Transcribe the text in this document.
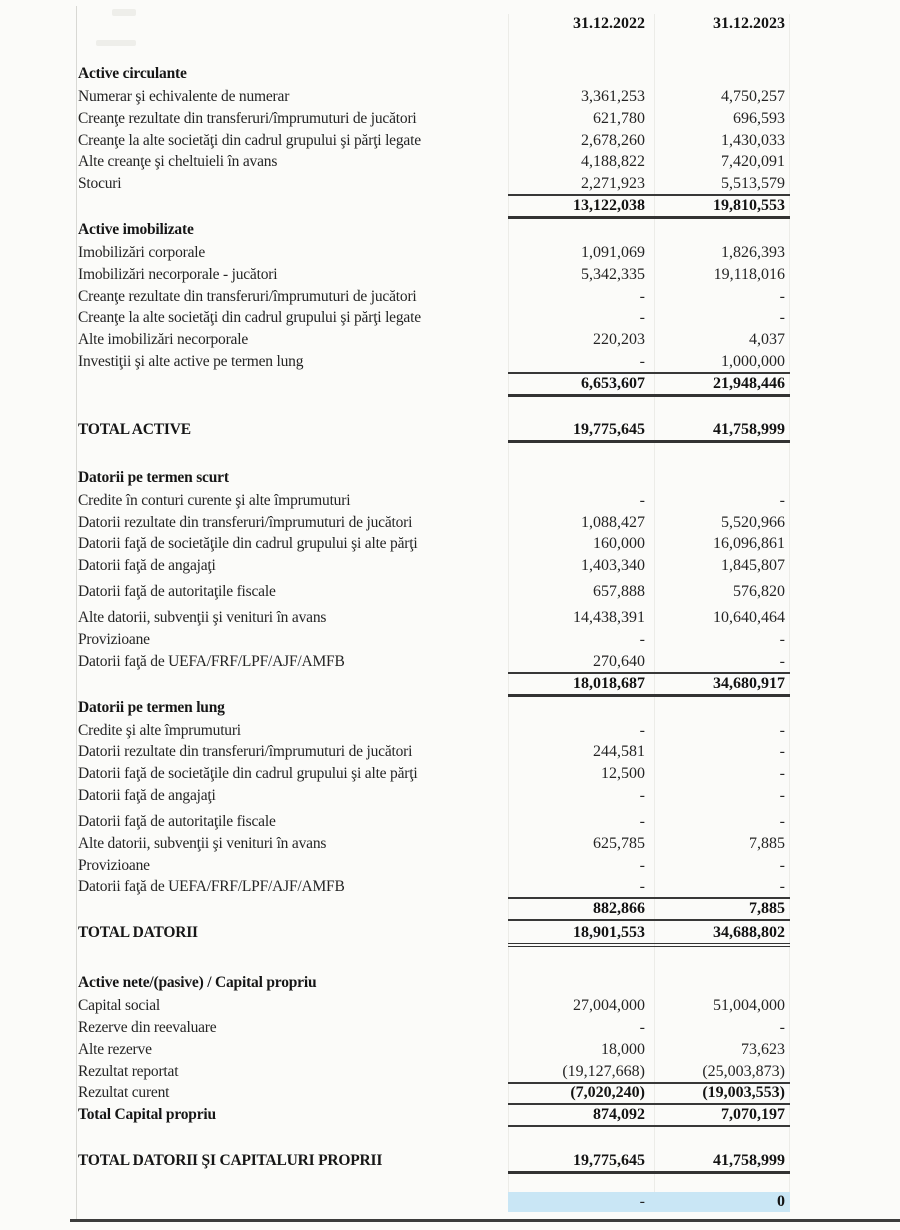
31.12.2022	31.12.2023
Active circulante
Numerar şi echivalente de numerar	3,361,253	4,750,257
Creanţe rezultate din transferuri/împrumuturi de jucători	621,780	696,593
Creanţe la alte societăţi din cadrul grupului şi părţi legate	2,678,260	1,430,033
Alte creanţe şi cheltuieli în avans	4,188,822	7,420,091
Stocuri	2,271,923	5,513,579
13,122,038	19,810,553
Active imobilizate
Imobilizări corporale	1,091,069	1,826,393
Imobilizări necorporale - jucători	5,342,335	19,118,016
Creanţe rezultate din transferuri/împrumuturi de jucători	-	-
Creanţe la alte societăţi din cadrul grupului şi părţi legate	-	-
Alte imobilizări necorporale	220,203	4,037
Investiţii şi alte active pe termen lung	-	1,000,000
6,653,607	21,948,446
TOTAL ACTIVE	19,775,645	41,758,999
Datorii pe termen scurt
Credite în conturi curente şi alte împrumuturi	-	-
Datorii rezultate din transferuri/împrumuturi de jucători	1,088,427	5,520,966
Datorii faţă de societăţile din cadrul grupului şi alte părţi	160,000	16,096,861
Datorii faţă de angajaţi	1,403,340	1,845,807
Datorii faţă de autoritaţile fiscale	657,888	576,820
Alte datorii, subvenţii şi venituri în avans	14,438,391	10,640,464
Provizioane	-	-
Datorii faţă de UEFA/FRF/LPF/AJF/AMFB	270,640	-
18,018,687	34,680,917
Datorii pe termen lung
Credite şi alte împrumuturi	-	-
Datorii rezultate din transferuri/împrumuturi de jucători	244,581	-
Datorii faţă de societăţile din cadrul grupului şi alte părţi	12,500	-
Datorii faţă de angajaţi	-	-
Datorii faţă de autoritaţile fiscale	-	-
Alte datorii, subvenţii şi venituri în avans	625,785	7,885
Provizioane	-	-
Datorii faţă de UEFA/FRF/LPF/AJF/AMFB	-	-
882,866	7,885
TOTAL DATORII	18,901,553	34,688,802
Active nete/(pasive) / Capital propriu
Capital social	27,004,000	51,004,000
Rezerve din reevaluare	-	-
Alte rezerve	18,000	73,623
Rezultat reportat	(19,127,668)	(25,003,873)
Rezultat curent	(7,020,240)	(19,003,553)
Total Capital propriu	874,092	7,070,197
TOTAL DATORII ŞI CAPITALURI PROPRII	19,775,645	41,758,999
-	0
